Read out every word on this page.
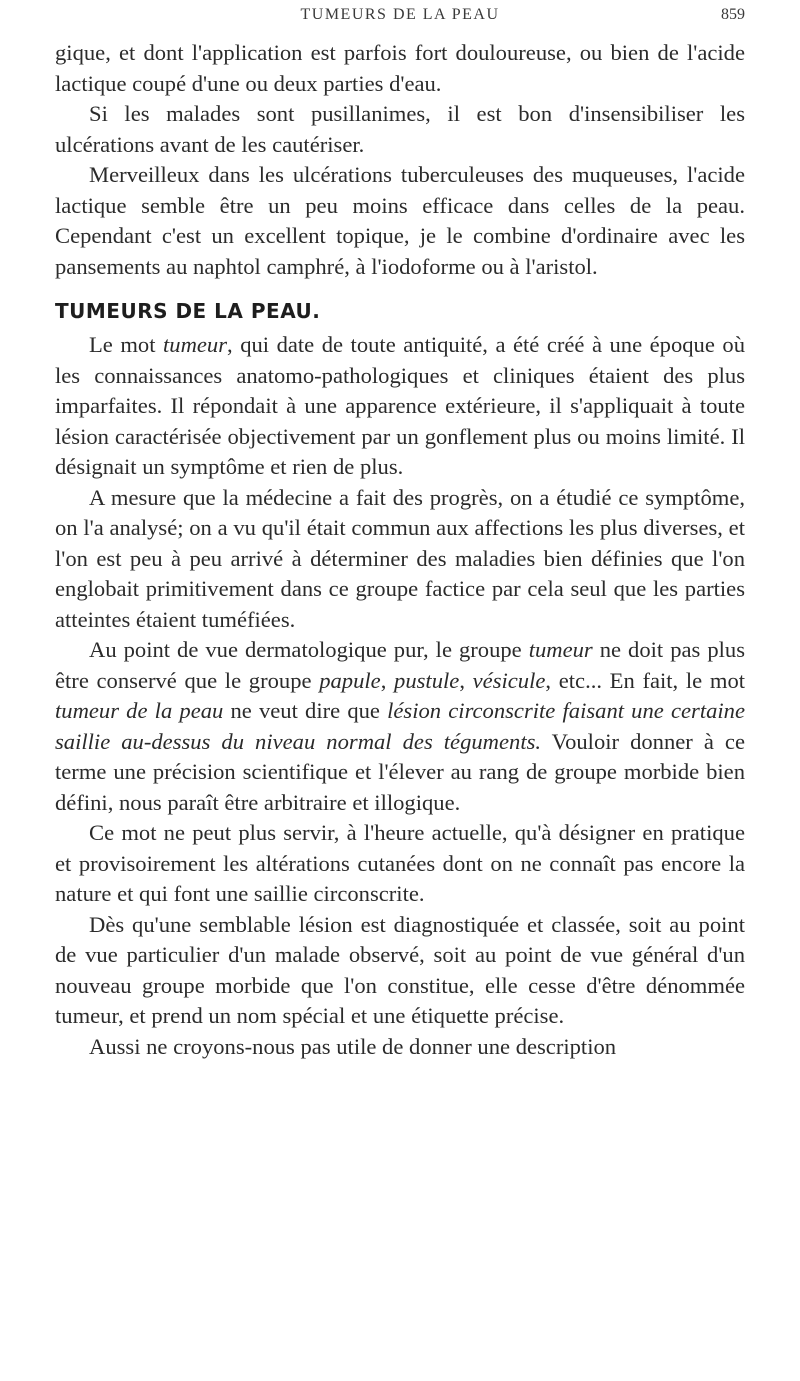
TUMEURS DE LA PEAU	859

gique, et dont l'application est parfois fort douloureuse, ou bien de l'acide lactique coupé d'une ou deux parties d'eau.

Si les malades sont pusillanimes, il est bon d'insensibiliser les ulcérations avant de les cautériser.

Merveilleux dans les ulcérations tuberculeuses des muqueuses, l'acide lactique semble être un peu moins efficace dans celles de la peau. Cependant c'est un excellent topique, je le combine d'ordinaire avec les pansements au naphtol camphré, à l'iodoforme ou à l'aristol.

TUMEURS DE LA PEAU.

Le mot tumeur, qui date de toute antiquité, a été créé à une époque où les connaissances anatomo-pathologiques et cliniques étaient des plus imparfaites. Il répondait à une apparence extérieure, il s'appliquait à toute lésion caractérisée objectivement par un gonflement plus ou moins limité. Il désignait un symptôme et rien de plus.

A mesure que la médecine a fait des progrès, on a étudié ce symptôme, on l'a analysé; on a vu qu'il était commun aux affections les plus diverses, et l'on est peu à peu arrivé à déterminer des maladies bien définies que l'on englobait primitivement dans ce groupe factice par cela seul que les parties atteintes étaient tuméfiées.

Au point de vue dermatologique pur, le groupe tumeur ne doit pas plus être conservé que le groupe papule, pustule, vésicule, etc... En fait, le mot tumeur de la peau ne veut dire que lésion circonscrite faisant une certaine saillie au-dessus du niveau normal des téguments. Vouloir donner à ce terme une précision scientifique et l'élever au rang de groupe morbide bien défini, nous paraît être arbitraire et illogique.

Ce mot ne peut plus servir, à l'heure actuelle, qu'à désigner en pratique et provisoirement les altérations cutanées dont on ne connaît pas encore la nature et qui font une saillie circonscrite.

Dès qu'une semblable lésion est diagnostiquée et classée, soit au point de vue particulier d'un malade observé, soit au point de vue général d'un nouveau groupe morbide que l'on constitue, elle cesse d'être dénommée tumeur, et prend un nom spécial et une étiquette précise.

Aussi ne croyons-nous pas utile de donner une description
